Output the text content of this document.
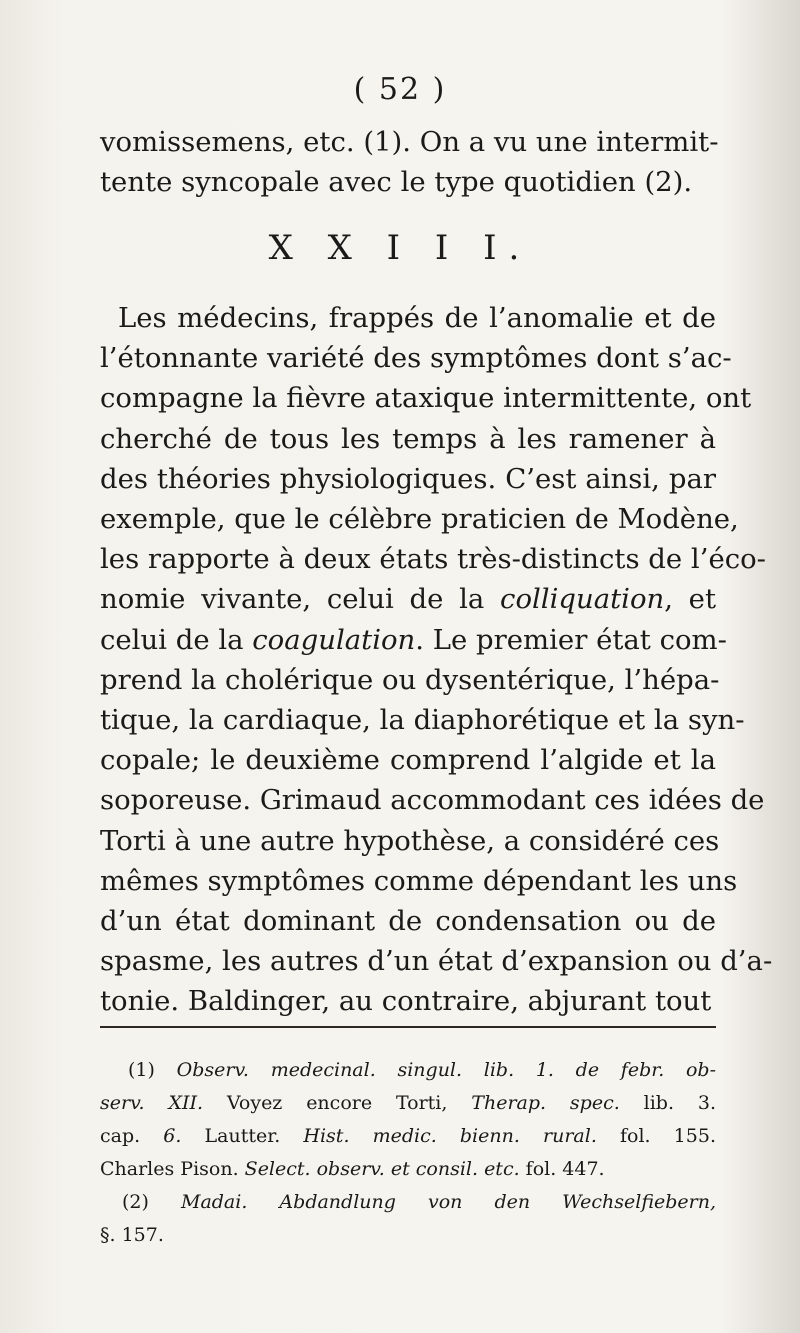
( 52 )
vomissemens, etc. (1). On a vu une intermit-
tente syncopale avec le type quotidien (2).
X X I I I.
Les médecins, frappés de l’anomalie et de
l’étonnante variété des symptômes dont s’ac-
compagne la fièvre ataxique intermittente, ont
cherché de tous les temps à les ramener à
des théories physiologiques. C’est ainsi, par
exemple, que le célèbre praticien de Modène,
les rapporte à deux états très-distincts de l’éco-
nomie vivante, celui de la colliquation, et
celui de la coagulation. Le premier état com-
prend la cholérique ou dysentérique, l’hépa-
tique, la cardiaque, la diaphorétique et la syn-
copale; le deuxième comprend l’algide et la
soporeuse. Grimaud accommodant ces idées de
Torti à une autre hypothèse, a considéré ces
mêmes symptômes comme dépendant les uns
d’un état dominant de condensation ou de
spasme, les autres d’un état d’expansion ou d’a-
tonie. Baldinger, au contraire, abjurant tout
(1) Observ. medecinal. singul. lib. 1. de febr. ob-
serv. XII. Voyez encore Torti, Therap. spec. lib. 3.
cap. 6. Lautter. Hist. medic. bienn. rural. fol. 155.
Charles Pison. Select. observ. et consil. etc. fol. 447.
(2) Madai. Abdandlung von den Wechselfiebern,
§. 157.
